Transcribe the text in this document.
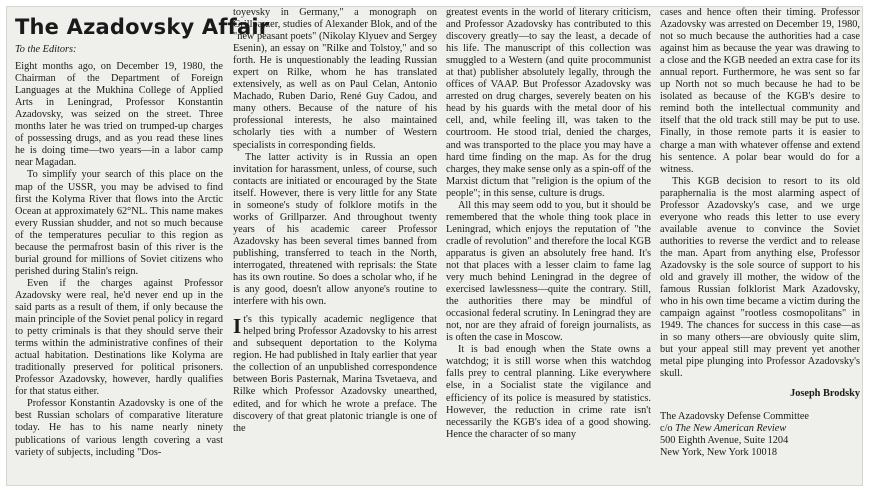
The Azadovsky Affair
To the Editors:

Eight months ago, on December 19, 1980, the Chairman of the Department of Foreign Languages at the Mukhina College of Applied Arts in Leningrad, Professor Konstantin Azadovsky, was seized on the street. Three months later he was tried on trumped-up charges of possessing drugs, and as you read these lines he is doing time—two years—in a labor camp near Magadan.

To simplify your search of this place on the map of the USSR, you may be advised to find first the Kolyma River that flows into the Arctic Ocean at approximately 62°NL. This name makes every Russian shudder, and not so much because of the temperatures peculiar to this region as because the permafrost basin of this river is the burial ground for millions of Soviet citizens who perished during Stalin's reign.

Even if the charges against Professor Azadovsky were real, he'd never end up in the said parts as a result of them, if only because the main principle of the Soviet penal policy in regard to petty criminals is that they should serve their terms within the administrative confines of their actual habitation. Destinations like Kolyma are traditionally preserved for political prisoners. Professor Azadovsky, however, hardly qualifies for that status either.

Professor Konstantin Azadovsky is one of the best Russian scholars of comparative literature today. He has to his name nearly ninety publications of various length covering a vast variety of subjects, including "Dos-

toyevsky in Germany," a monograph on Grillparzer, studies of Alexander Blok, and of the "new peasant poets" (Nikolay Klyuev and Sergey Esenin), an essay on "Rilke and Tolstoy," and so forth. He is unquestionably the leading Russian expert on Rilke, whom he has translated extensively, as well as on Paul Celan, Antonio Machado, Ruben Dario, René Guy Cadou, and many others. Because of the nature of his professional interests, he also maintained scholarly ties with a number of Western specialists in corresponding fields.

The latter activity is in Russia an open invitation for harassment, unless, of course, such contacts are initiated or encouraged by the State itself. However, there is very little for any State in someone's study of folklore motifs in the works of Grillparzer. And throughout twenty years of his academic career Professor Azadovsky has been several times banned from publishing, transferred to teach in the North, interrogated, threatened with reprisals: the State has its own routine. So does a scholar who, if he is any good, doesn't allow anyone's routine to interfere with his own.

It's this typically academic negligence that helped bring Professor Azadovsky to his arrest and subsequent deportation to the Kolyma region. He had published in Italy earlier that year the collection of an unpublished correspondence between Boris Pasternak, Marina Tsvetaeva, and Rilke which Professor Azadovsky unearthed, edited, and for which he wrote a preface. The discovery of that great platonic triangle is one of the

greatest events in the world of literary criticism, and Professor Azadovsky has contributed to this discovery greatly—to say the least, a decade of his life. The manuscript of this collection was smuggled to a Western (and quite procommunist at that) publisher absolutely legally, through the offices of VAAP. But Professor Azadovsky was arrested on drug charges, severely beaten on his head by his guards with the metal door of his cell, and, while feeling ill, was taken to the courtroom. He stood trial, denied the charges, and was transported to the place you may have a hard time finding on the map. As for the drug charges, they make sense only as a spin-off of the Marxist dictum that "religion is the opium of the people"; in this sense, culture is drugs.

All this may seem odd to you, but it should be remembered that the whole thing took place in Leningrad, which enjoys the reputation of "the cradle of revolution" and therefore the local KGB apparatus is given an absolutely free hand. It's not that places with a lesser claim to fame lag very much behind Leningrad in the degree of exercised lawlessness—quite the contrary. Still, the authorities there may be mindful of occasional federal scrutiny. In Leningrad they are not, nor are they afraid of foreign journalists, as is often the case in Moscow.

It is bad enough when the State owns a watchdog; it is still worse when this watchdog falls prey to central planning. Like everywhere else, in a Socialist state the vigilance and efficiency of its police is measured by statistics. However, the reduction in crime rate isn't necessarily the KGB's idea of a good showing. Hence the character of so many

cases and hence often their timing. Professor Azadovsky was arrested on December 19, 1980, not so much because the authorities had a case against him as because the year was drawing to a close and the KGB needed an extra case for its annual report. Furthermore, he was sent so far up North not so much because he had to be isolated as because of the KGB's desire to remind both the intellectual community and itself that the old track still may be put to use. Finally, in those remote parts it is easier to charge a man with whatever offense and extend his sentence. A polar bear would do for a witness.

This KGB decision to resort to its old paraphernalia is the most alarming aspect of Professor Azadovsky's case, and we urge everyone who reads this letter to use every available avenue to convince the Soviet authorities to reverse the verdict and to release the man. Apart from anything else, Professor Azadovsky is the sole source of support to his old and gravely ill mother, the widow of the famous Russian folklorist Mark Azadovsky, who in his own time became a victim during the campaign against "rootless cosmopolitans" in 1949. The chances for success in this case—as in so many others—are obviously quite slim, but your appeal still may prevent yet another metal pipe plunging into Professor Azadovsky's skull.

Joseph Brodsky
The Azadovsky Defense Committee
c/o The New American Review
500 Eighth Avenue, Suite 1204
New York, New York 10018
